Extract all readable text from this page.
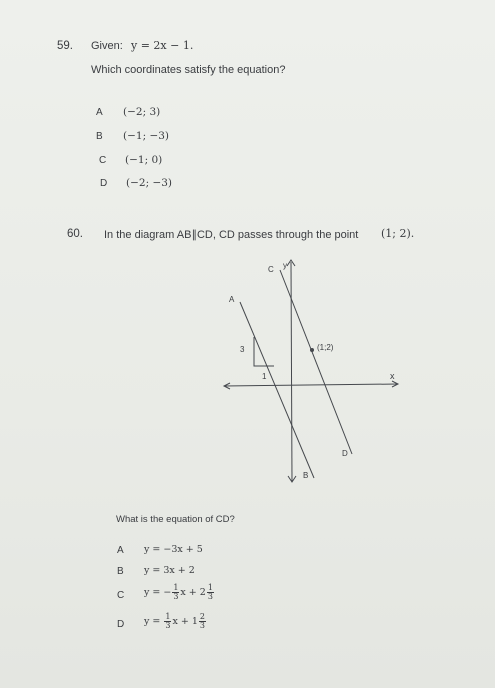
59. Given: y = 2x − 1.
Which coordinates satisfy the equation?
A (−2; 3)
B (−1; −3)
C (−1; 0)
D (−2; −3)
60. In the diagram AB∥CD, CD passes through the point (1; 2).
y
x
C
A
B
D
3
1
(1;2)
What is the equation of CD?
A y = −3x + 5
B y = 3x + 2
C y = − $\frac{1}{3}$ $x + 2 \frac{1}{3}$
D $y = \frac{1}{3}$ $x + 1 \frac{2}{3}$
